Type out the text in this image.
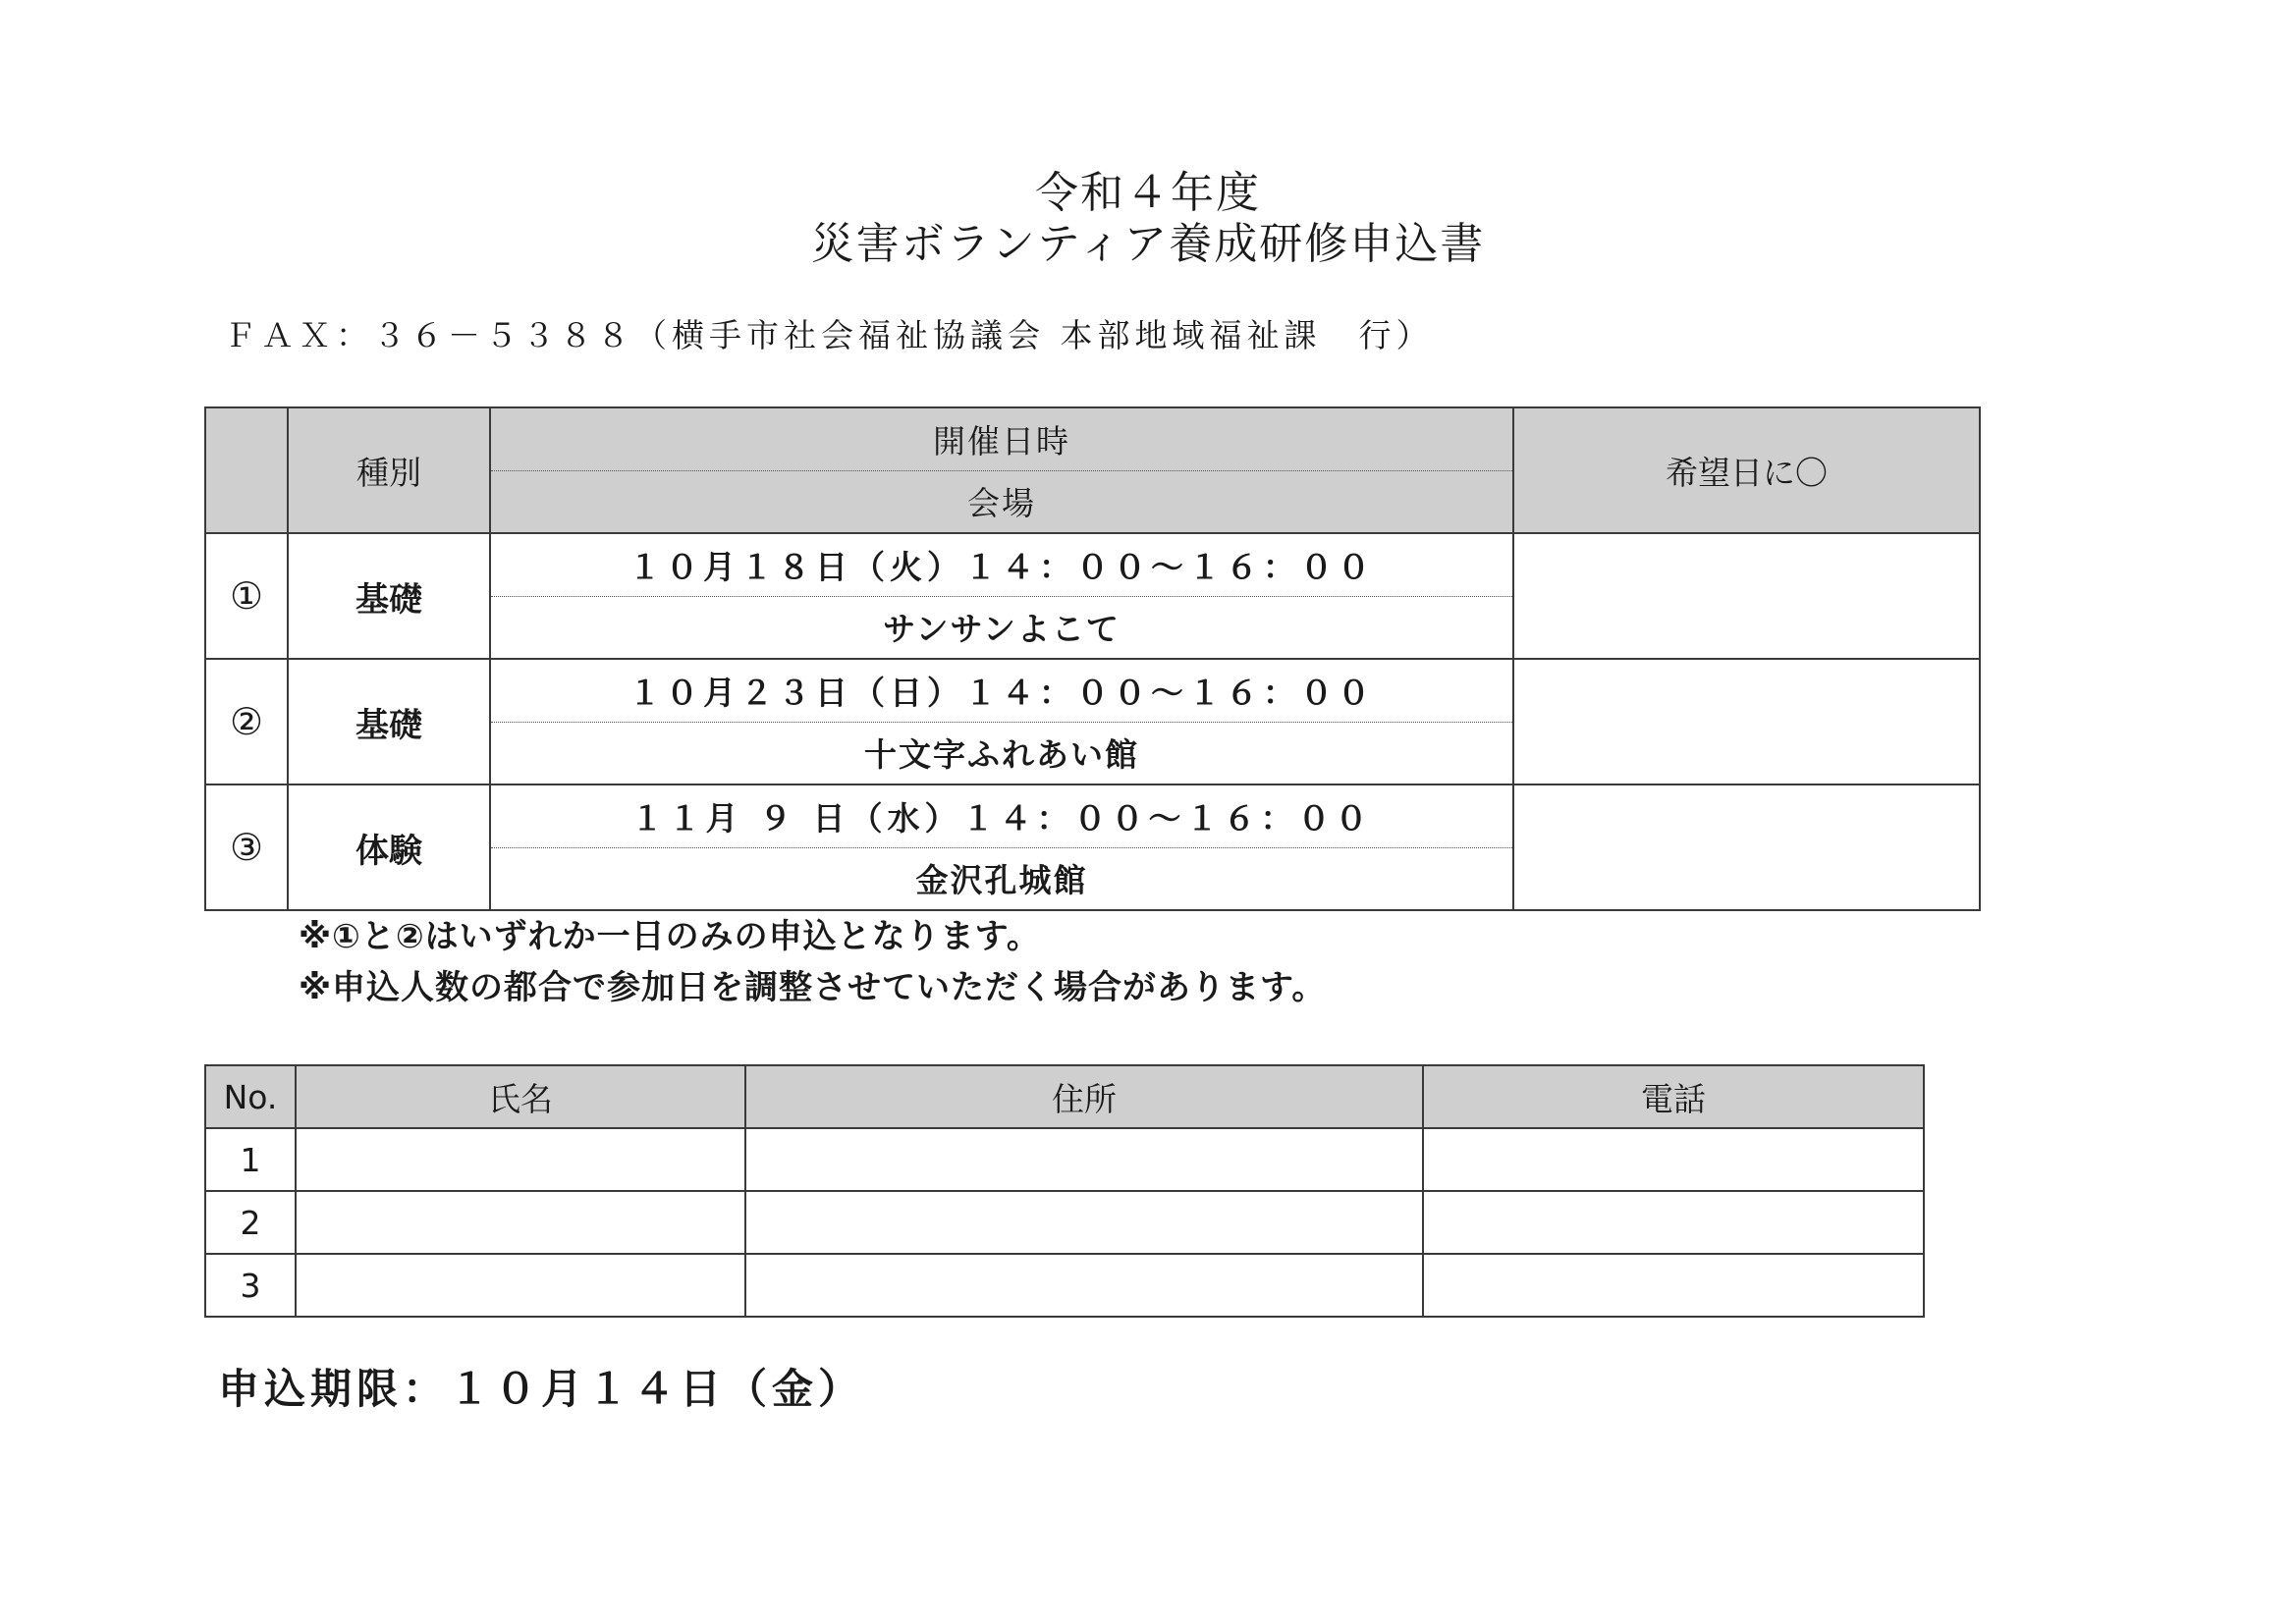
令和４年度
災害ボランティア養成研修申込書
ＦＡＸ：３６－５３８８（横手市社会福祉協議会 本部地域福祉課　行）
	種別	開催日時	希望日に〇
		会場	
①	基礎	１０月１８日（火）１４：００～１６：００	
		サンサンよこて	
②	基礎	１０月２３日（日）１４：００～１６：００	
		十文字ふれあい館	
③	体験	１１月 ９ 日（水）１４：００～１６：００	
		金沢孔城館	
※①と②はいずれか一日のみの申込となります。
※申込人数の都合で参加日を調整させていただく場合があります。
No.	氏名	住所	電話
1			
2			
3			
申込期限：１０月１４日（金）
